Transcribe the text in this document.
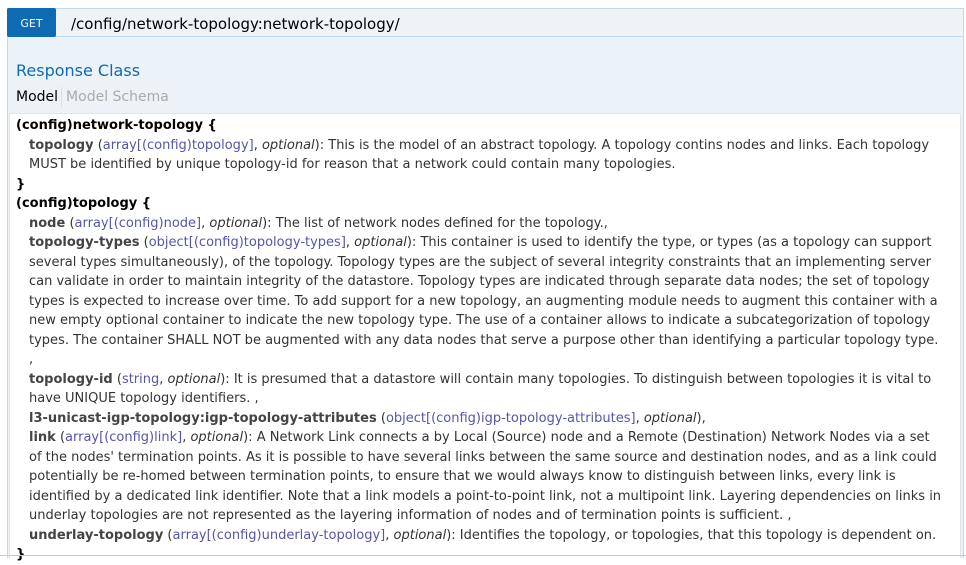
GET	/config/network-topology:network-topology/
Response Class
Model Model Schema
(config)network-topology {
topology (array[(config)topology], optional): This is the model of an abstract topology. A topology contins nodes and links. Each topology MUST be identified by unique topology-id for reason that a network could contain many topologies.
}
(config)topology {
node (array[(config)node], optional): The list of network nodes defined for the topology.,
topology-types (object[(config)topology-types], optional): This container is used to identify the type, or types (as a topology can support several types simultaneously), of the topology. Topology types are the subject of several integrity constraints that an implementing server can validate in order to maintain integrity of the datastore. Topology types are indicated through separate data nodes; the set of topology types is expected to increase over time. To add support for a new topology, an augmenting module needs to augment this container with a new empty optional container to indicate the new topology type. The use of a container allows to indicate a subcategorization of topology types. The container SHALL NOT be augmented with any data nodes that serve a purpose other than identifying a particular topology type. ,
topology-id (string, optional): It is presumed that a datastore will contain many topologies. To distinguish between topologies it is vital to have UNIQUE topology identifiers. ,
l3-unicast-igp-topology:igp-topology-attributes (object[(config)igp-topology-attributes], optional),
link (array[(config)link], optional): A Network Link connects a by Local (Source) node and a Remote (Destination) Network Nodes via a set of the nodes' termination points. As it is possible to have several links between the same source and destination nodes, and as a link could potentially be re-homed between termination points, to ensure that we would always know to distinguish between links, every link is identified by a dedicated link identifier. Note that a link models a point-to-point link, not a multipoint link. Layering dependencies on links in underlay topologies are not represented as the layering information of nodes and of termination points is sufficient. ,
underlay-topology (array[(config)underlay-topology], optional): Identifies the topology, or topologies, that this topology is dependent on.
